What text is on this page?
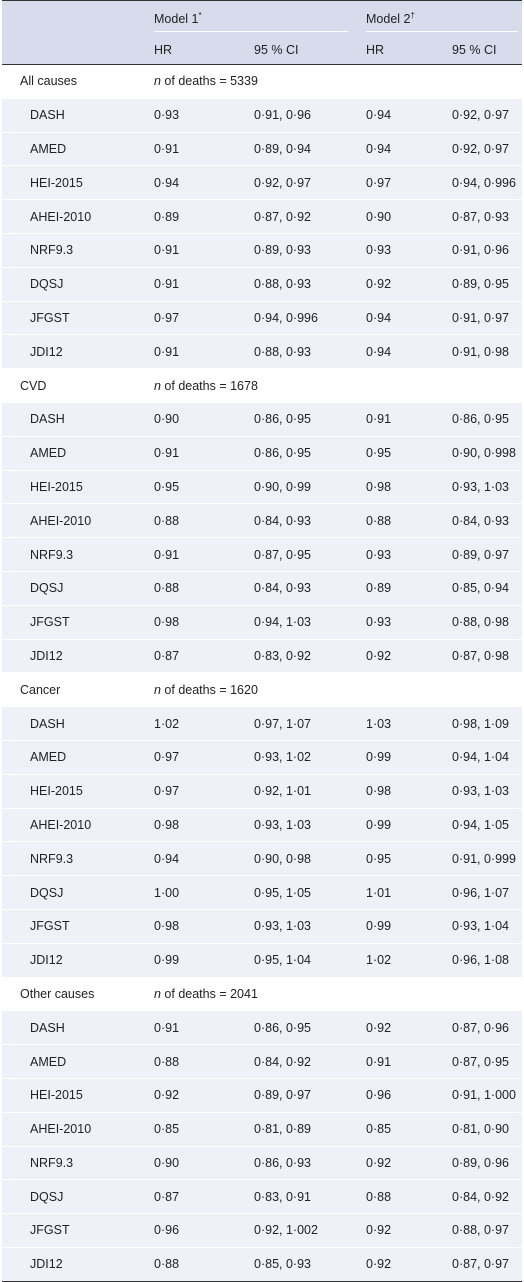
	Model 1*		Model 2†

	HR	95 % CI	HR	95 % CI
All causes	n of deaths = 5339			
DASH	0·93	0·91, 0·96	0·94	0·92, 0·97
AMED	0·91	0·89, 0·94	0·94	0·92, 0·97
HEI-2015	0·94	0·92, 0·97	0·97	0·94, 0·996
AHEI-2010	0·89	0·87, 0·92	0·90	0·87, 0·93
NRF9.3	0·91	0·89, 0·93	0·93	0·91, 0·96
DQSJ	0·91	0·88, 0·93	0·92	0·89, 0·95
JFGST	0·97	0·94, 0·996	0·94	0·91, 0·97
JDI12	0·91	0·88, 0·93	0·94	0·91, 0·98
CVD	n of deaths = 1678			
DASH	0·90	0·86, 0·95	0·91	0·86, 0·95
AMED	0·91	0·86, 0·95	0·95	0·90, 0·998
HEI-2015	0·95	0·90, 0·99	0·98	0·93, 1·03
AHEI-2010	0·88	0·84, 0·93	0·88	0·84, 0·93
NRF9.3	0·91	0·87, 0·95	0·93	0·89, 0·97
DQSJ	0·88	0·84, 0·93	0·89	0·85, 0·94
JFGST	0·98	0·94, 1·03	0·93	0·88, 0·98
JDI12	0·87	0·83, 0·92	0·92	0·87, 0·98
Cancer	n of deaths = 1620			
DASH	1·02	0·97, 1·07	1·03	0·98, 1·09
AMED	0·97	0·93, 1·02	0·99	0·94, 1·04
HEI-2015	0·97	0·92, 1·01	0·98	0·93, 1·03
AHEI-2010	0·98	0·93, 1·03	0·99	0·94, 1·05
NRF9.3	0·94	0·90, 0·98	0·95	0·91, 0·999
DQSJ	1·00	0·95, 1·05	1·01	0·96, 1·07
JFGST	0·98	0·93, 1·03	0·99	0·93, 1·04
JDI12	0·99	0·95, 1·04	1·02	0·96, 1·08
Other causes	n of deaths = 2041			
DASH	0·91	0·86, 0·95	0·92	0·87, 0·96
AMED	0·88	0·84, 0·92	0·91	0·87, 0·95
HEI-2015	0·92	0·89, 0·97	0·96	0·91, 1·000
AHEI-2010	0·85	0·81, 0·89	0·85	0·81, 0·90
NRF9.3	0·90	0·86, 0·93	0·92	0·89, 0·96
DQSJ	0·87	0·83, 0·91	0·88	0·84, 0·92
JFGST	0·96	0·92, 1·002	0·92	0·88, 0·97
JDI12	0·88	0·85, 0·93	0·92	0·87, 0·97
